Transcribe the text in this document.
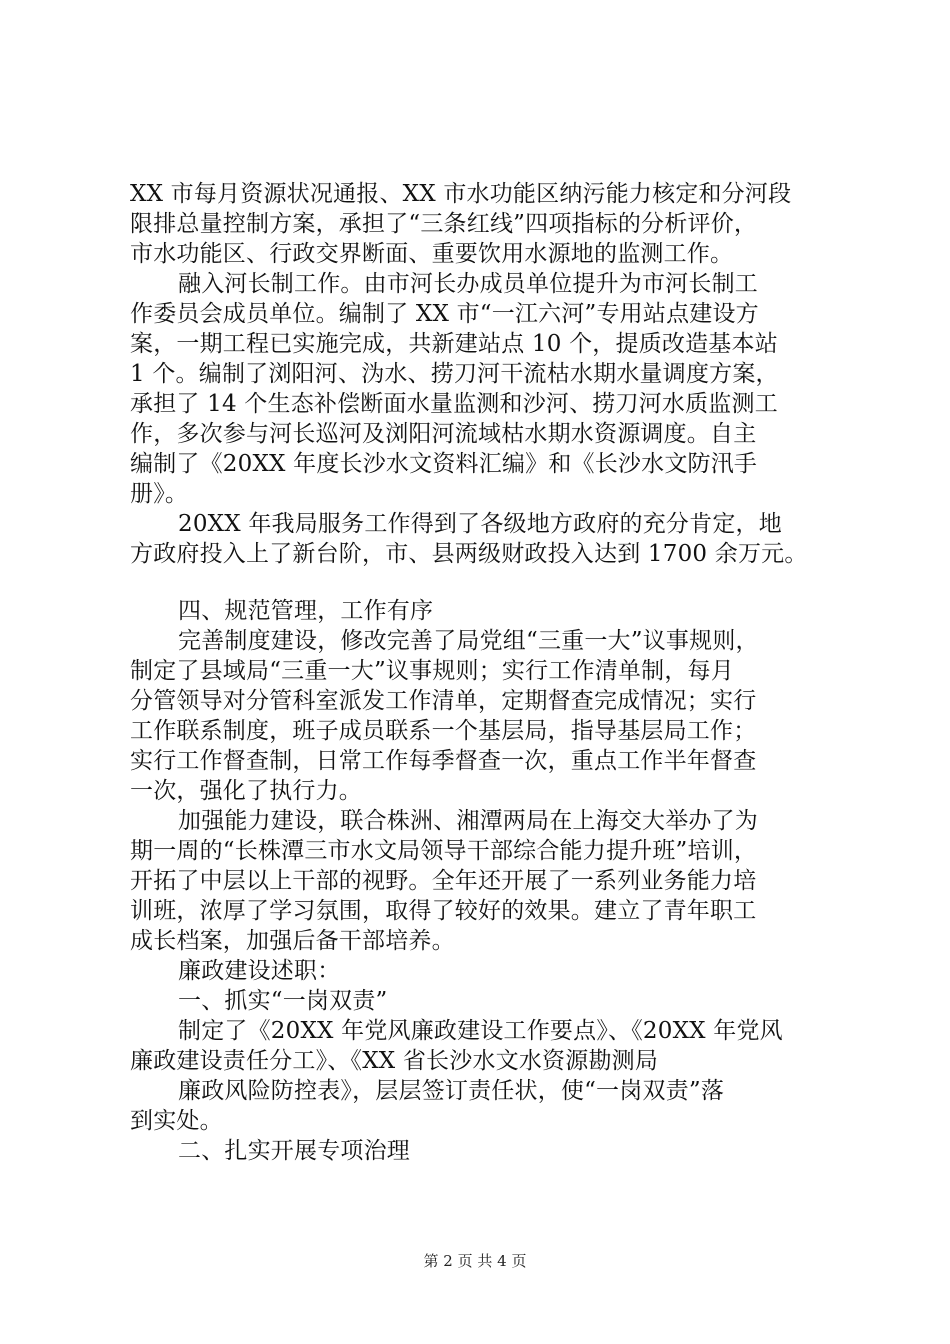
XX 市每月资源状况通报、XX 市水功能区纳污能力核定和分河段
限排总量控制方案，承担了“三条红线”四项指标的分析评价，
市水功能区、行政交界断面、重要饮用水源地的监测工作。
融入河长制工作。由市河长办成员单位提升为市河长制工
作委员会成员单位。编制了 XX 市“一江六河”专用站点建设方
案，一期工程已实施完成，共新建站点 10 个，提质改造基本站
1 个。编制了浏阳河、沩水、捞刀河干流枯水期水量调度方案，
承担了 14 个生态补偿断面水量监测和沙河、捞刀河水质监测工
作，多次参与河长巡河及浏阳河流域枯水期水资源调度。自主
编制了《20XX 年度长沙水文资料汇编》和《长沙水文防汛手
册》。
20XX 年我局服务工作得到了各级地方政府的充分肯定，地
方政府投入上了新台阶，市、县两级财政投入达到 1700 余万元。
四、规范管理，工作有序
完善制度建设，修改完善了局党组“三重一大”议事规则，
制定了县域局“三重一大”议事规则；实行工作清单制，每月
分管领导对分管科室派发工作清单，定期督查完成情况；实行
工作联系制度，班子成员联系一个基层局，指导基层局工作；
实行工作督查制，日常工作每季督查一次，重点工作半年督查
一次，强化了执行力。
加强能力建设，联合株洲、湘潭两局在上海交大举办了为
期一周的“长株潭三市水文局领导干部综合能力提升班”培训，
开拓了中层以上干部的视野。全年还开展了一系列业务能力培
训班，浓厚了学习氛围，取得了较好的效果。建立了青年职工
成长档案，加强后备干部培养。
廉政建设述职：
一、抓实“一岗双责”
制定了《20XX 年党风廉政建设工作要点》、《20XX 年党风
廉政建设责任分工》、《XX 省长沙水文水资源勘测局
廉政风险防控表》，层层签订责任状，使“一岗双责”落
到实处。
二、扎实开展专项治理
第 2 页 共 4 页
